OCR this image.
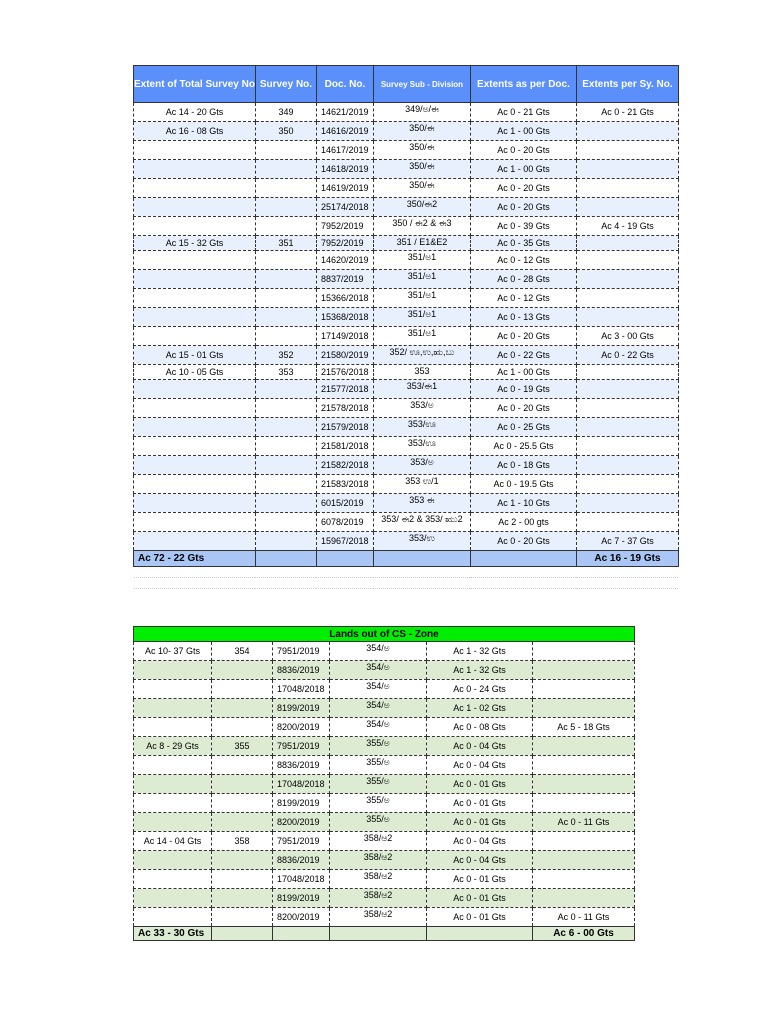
Extent of Total Survey No	Survey No.	Doc. No.	Survey Sub - Division	Extents as per Doc.	Extents per Sy. No.
Ac 14 - 20 Gts	349	14621/2019	349/ಅ/ಈ	Ac 0 - 21 Gts	Ac 0 - 21 Gts
Ac 16 - 08 Gts	350	14616/2019	350/ಈ	Ac 1 - 00 Gts	
		14617/2019	350/ಈ	Ac 0 - 20 Gts	
		14618/2019	350/ಈ	Ac 1 - 00 Gts	
		14619/2019	350/ಈ	Ac 0 - 20 Gts	
		25174/2018	350/ಈ2	Ac 0 - 20 Gts	
		7952/2019	350 / ಈ2 & ಈ3	Ac 0 - 39 Gts	Ac 4 - 19 Gts
Ac 15 - 32 Gts	351	7952/2019	351 / E1&E2	Ac 0 - 35 Gts	
		14620/2019	351/ಅ1	Ac 0 - 12 Gts	
		8837/2019	351/ಅ1	Ac 0 - 28 Gts	
		15366/2018	351/ಅ1	Ac 0 - 12 Gts	
		15368/2018	351/ಅ1	Ac 0 - 13 Gts	
		17149/2018	351/ಅ1	Ac 0 - 20 Gts	Ac 3 - 00 Gts
Ac 15 - 01 Gts	352	21580/2019	352/ ಊ,ಉ,ಋ,ಬು	Ac 0 - 22 Gts	Ac 0 - 22 Gts
Ac 10 - 05 Gts	353	21576/2018	353	Ac 1 - 00 Gts	
		21577/2018	353/ಈ1	Ac 0 - 19 Gts	
		21578/2018	353/ಅ	Ac 0 - 20 Gts	
		21579/2018	353/ಊ	Ac 0 - 25 Gts	
		21581/2018	353/ಊ	Ac 0 - 25.5 Gts	
		21582/2018	353/ಅ	Ac 0 - 18 Gts	
		21583/2018	353 ಉ/1	Ac 0 - 19.5 Gts	
		6015/2019	353 ಈ	Ac 1 - 10 Gts	
		6078/2019	353/ ಈ2 & 353/ ಋು2	Ac 2 - 00 gts	
		15967/2018	353/ಉ	Ac 0 - 20 Gts	Ac 7 - 37 Gts
Ac 72 - 22 Gts					Ac 16 - 19 Gts

Lands out of CS - Zone					
Ac 10- 37 Gts	354	7951/2019	354/ಅ	Ac 1 - 32 Gts	
		8836/2019	354/ಅ	Ac 1 - 32 Gts	
		17048/2018	354/ಅ	Ac 0 - 24 Gts	
		8199/2019	354/ಅ	Ac 1 - 02 Gts	
		8200/2019	354/ಅ	Ac 0 - 08 Gts	Ac 5 - 18 Gts
Ac 8 - 29 Gts	355	7951/2019	355/ಅ	Ac 0 - 04 Gts	
		8836/2019	355/ಅ	Ac 0 - 04 Gts	
		17048/2018	355/ಅ	Ac 0 - 01 Gts	
		8199/2019	355/ಅ	Ac 0 - 01 Gts	
		8200/2019	355/ಅ	Ac 0 - 01 Gts	Ac 0 - 11 Gts
Ac 14 - 04 Gts	358	7951/2019	358/ಆ2	Ac 0 - 04 Gts	
		8836/2019	358/ಆ2	Ac 0 - 04 Gts	
		17048/2018	358/ಆ2	Ac 0 - 01 Gts	
		8199/2019	358/ಆ2	Ac 0 - 01 Gts	
		8200/2019	358/ಆ2	Ac 0 - 01 Gts	Ac 0 - 11 Gts
Ac 33 - 30 Gts					Ac 6 - 00 Gts
